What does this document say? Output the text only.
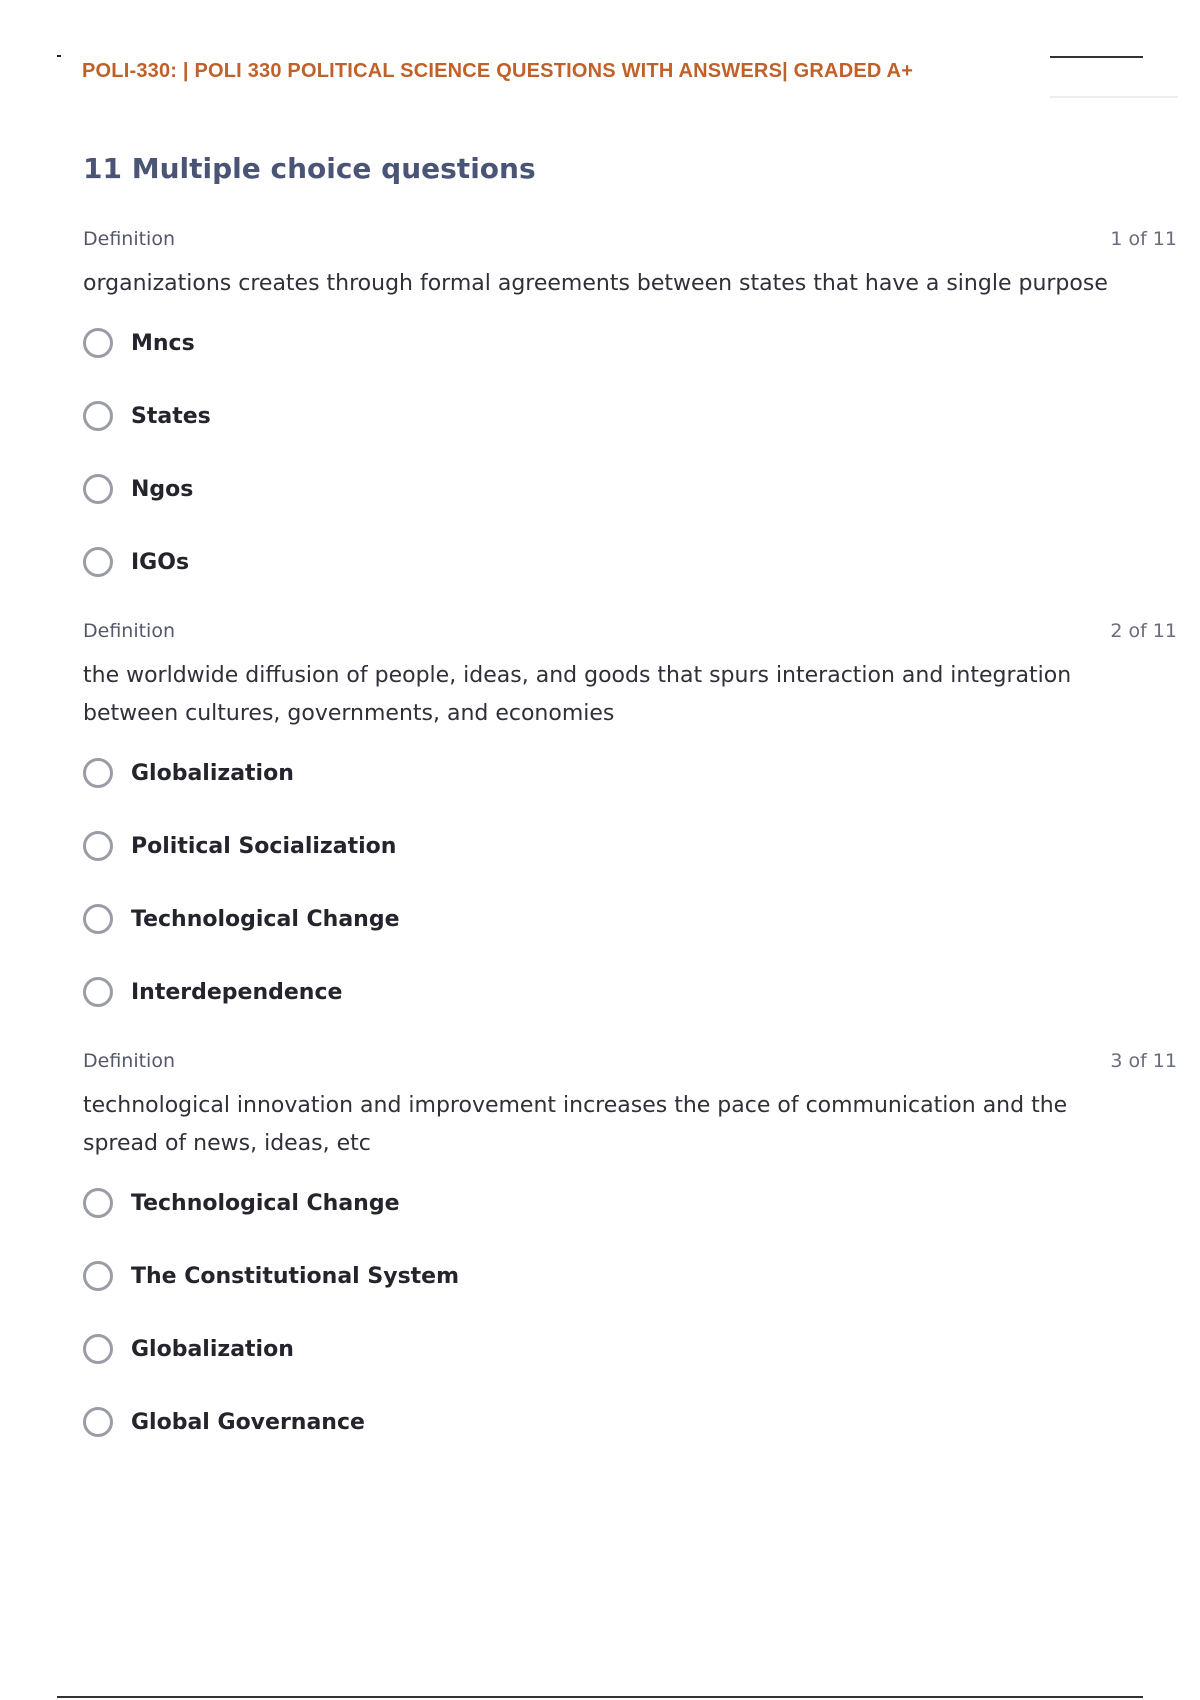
POLI-330: | POLI 330 POLITICAL SCIENCE QUESTIONS WITH ANSWERS| GRADED A+
11 Multiple choice questions
Definition	1 of 11
organizations creates through formal agreements between states that have a single purpose
Mncs
States
Ngos
IGOs
Definition	2 of 11
the worldwide diffusion of people, ideas, and goods that spurs interaction and integration between cultures, governments, and economies
Globalization
Political Socialization
Technological Change
Interdependence
Definition	3 of 11
technological innovation and improvement increases the pace of communication and the spread of news, ideas, etc
Technological Change
The Constitutional System
Globalization
Global Governance
